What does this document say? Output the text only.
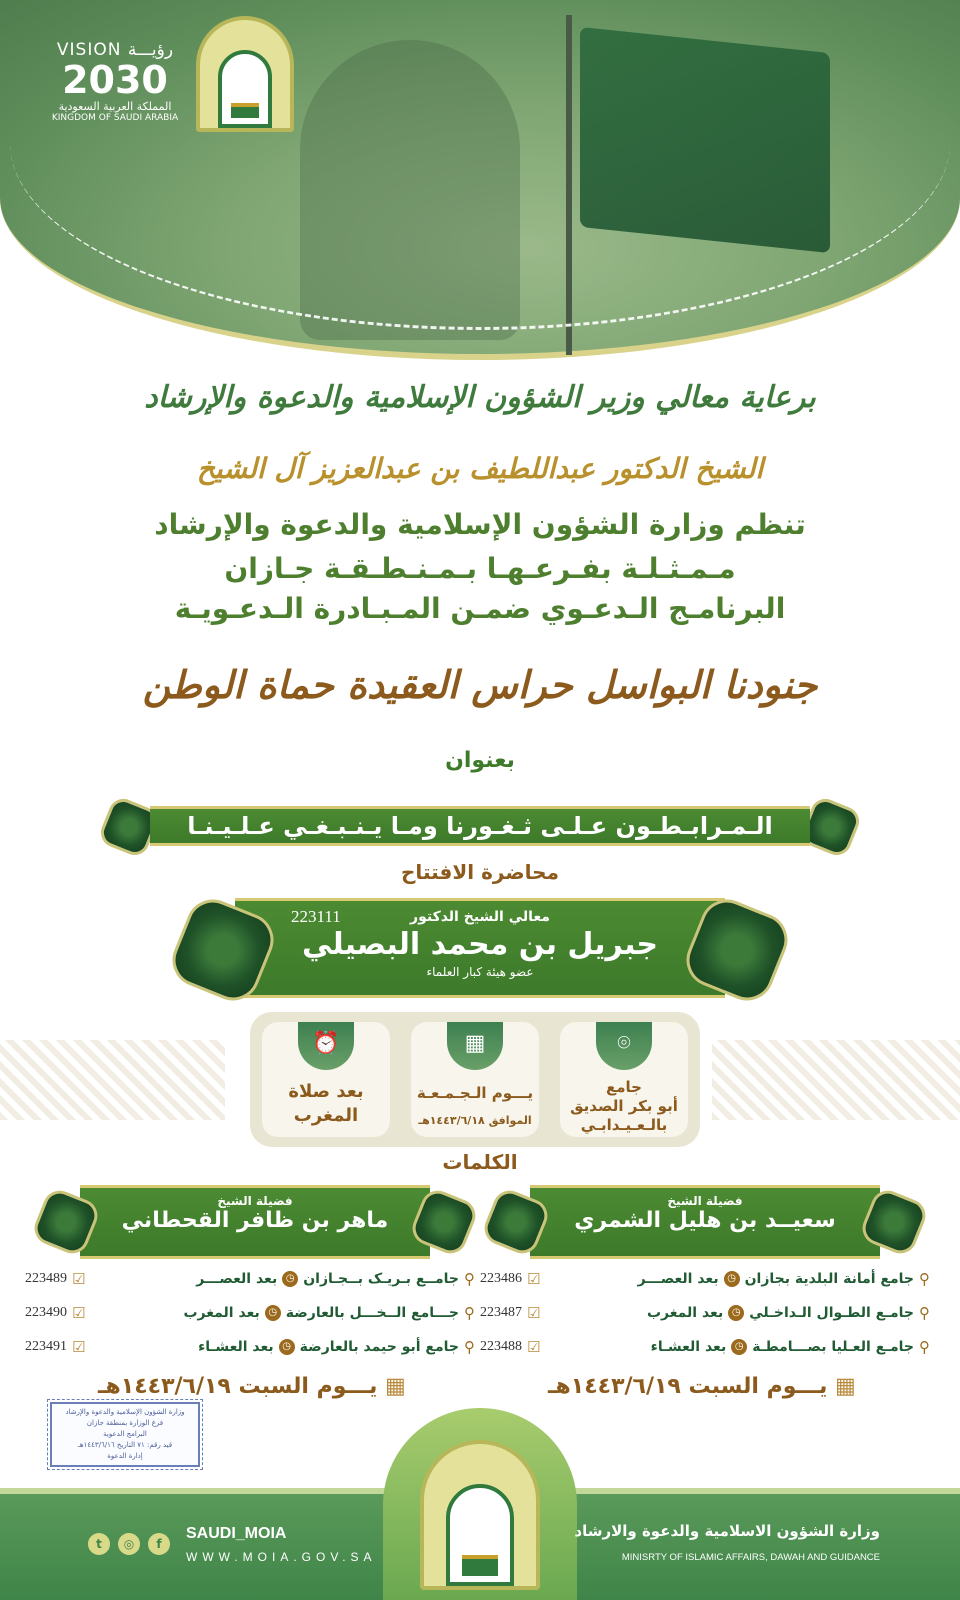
VISION رؤيـــة
2030
المملكة العربية السعودية
KINGDOM OF SAUDI ARABIA
برعاية معالي وزير الشؤون الإسلامية والدعوة والإرشاد
الشيخ الدكتور عبداللطيف بن عبدالعزيز آل الشيخ
تنظم وزارة الشؤون الإسلامية والدعوة والإرشاد
مـمـثـلـة بفـرعـهـا بـمـنـطـقـة جـازان
البرنامـج الـدعـوي ضمـن المـبـادرة الـدعـويـة
جنودنا البواسل حراس العقيدة حماة الوطن
بعنوان
الـمـرابـطـون عـلـى ثـغـورنا ومـا يـنـبـغـي عـلـيـنـا
محاضرة الافتتاح
معالي الشيخ الدكتور
جبريل بن محمد البصيلي
عضو هيئة كبار العلماء
223111
⌾
جامع
أبو بكر الصديق
بالـعـيـدابـي
▦
يـــوم الـجـمـعـة
الموافق ١٤٤٣/٦/١٨هـ
⏰
بعد صلاة
المغرب
الكلمات
فضيلة الشيخ
سعيــد بن هليل الشمري
فضيلة الشيخ
ماهر بن ظافر القحطاني
⚲
جامع أمانة البلدية بجازان
◷
بعد العصـــر
☑
223486
⚲
جامـع الطـوال الـداخـلي
◷
بعد المغرب
☑
223487
⚲
جامـع العـليا بصـــامطـة
◷
بعد العشـاء
☑
223488
⚲
جامــع بـريـک بــجـازان
◷
بعد العصـــر
☑
223489
⚲
جـــامع الــخـــل بالعارضة
◷
بعد المغرب
☑
223490
⚲
جامع أبو حيمد بالعارضة
◷
بعد العشـاء
☑
223491
▦ يـــوم السبت ١٤٤٣/٦/١٩هـ
▦ يـــوم السبت ١٤٤٣/٦/١٩هـ
وزارة الشؤون الإسلامية والدعوة والإرشاد
فرع الوزارة بمنطقة جازان
البرامج الدعوية
قيد رقم: ٧١ التاريخ ١٤٤٣/٦/١٦هـ
إدارة الدعوة
t	◎	f
SAUDI_MOIA
WWW.MOIA.GOV.SA
وزارة الشؤون الاسلامية والدعوة والارشاد
MINISRTY OF ISLAMIC AFFAIRS, DAWAH AND GUIDANCE
